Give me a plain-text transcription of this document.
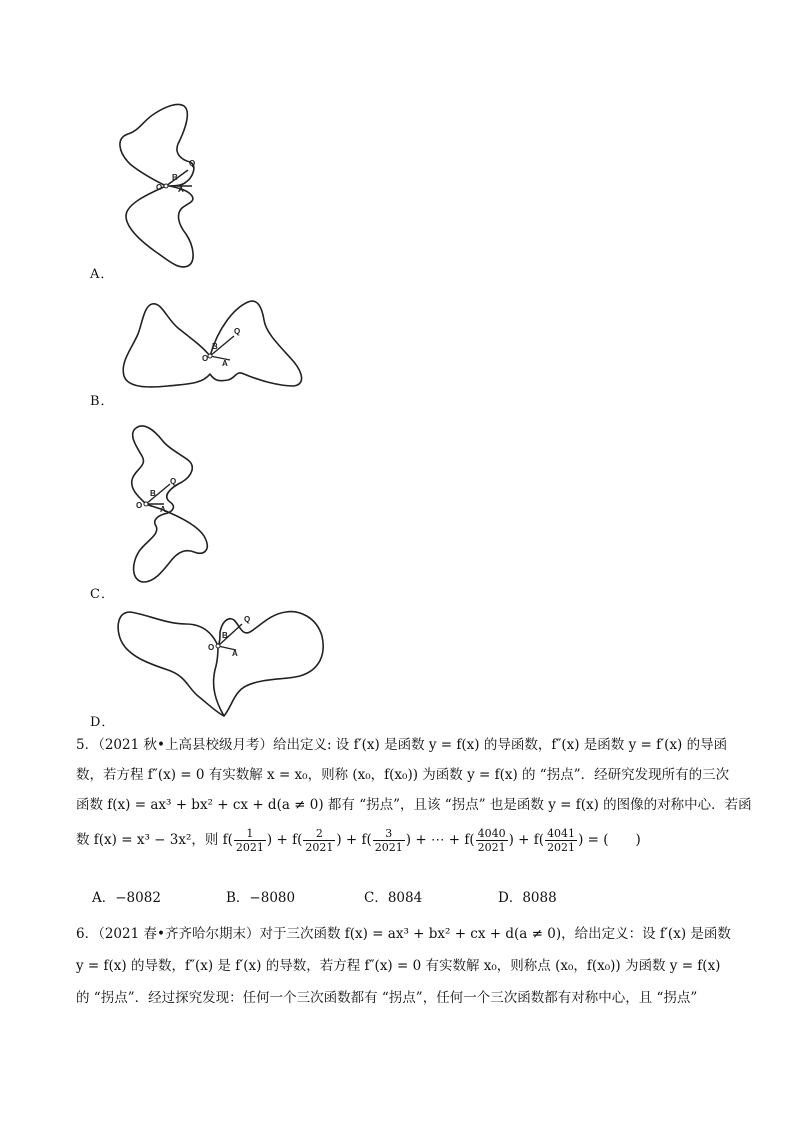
Q
B
O A
A．
Q
B
O
A
B．
Q
B
O A
C．
Q
B
O
A
D．
5．（2021 秋•上高县校级月考）给出定义: 设 f′(x) 是函数 y = f(x) 的导函数，f″(x) 是函数 y = f′(x) 的导函
数，若方程 f″(x) = 0 有实数解 x = x₀，则称 (x₀，f(x₀)) 为函数 y = f(x) 的 “拐点”．经研究发现所有的三次
函数 f(x) = ax³ + bx² + cx + d(a ≠ 0) 都有 “拐点”，且该 “拐点” 也是函数 y = f(x) 的图像的对称中心．若函
数 f(x) = x³ − 3x²，则 $f( \frac{1}{2021}$ ) + $f( \frac{2}{2021}$ ) + $f( \frac{3}{2021}$ ) + ⋯ + $f( \frac{4040}{2021}$ ) + $f( \frac{4041}{2021}$ ) = (　　)
A．−8082	B．−8080	C．8084	D．8088
6．（2021 春•齐齐哈尔期末）对于三次函数 f(x) = ax³ + bx² + cx + d(a ≠ 0)，给出定义：设 f′(x) 是函数
y = f(x) 的导数，f″(x) 是 f′(x) 的导数，若方程 f″(x) = 0 有实数解 x₀，则称点 (x₀，f(x₀)) 为函数 y = f(x)
的 “拐点”．经过探究发现：任何一个三次函数都有 “拐点”，任何一个三次函数都有对称中心，且 “拐点”
